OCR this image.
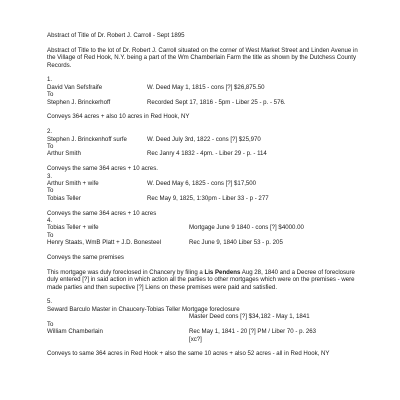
Abstract of Title of Dr. Robert J. Carroll - Sept 1895
Abstract of Title to the lot of Dr. Robert J. Carroll situated on the corner of West Market Street and Linden Avenue in the Village of Red Hook, N.Y. being a part of the Wm Chamberlain Farm the title as shown by the Dutchess County Records.
1.
David Van Sefsfraife	W. Deed May 1, 1815 - cons [?] $26,875.50
To
Stephen J. Brinckerhoff	Recorded Sept 17, 1816 - 5pm - Liber 25 - p. - 576.
Conveys 364 acres + also 10 acres in Red Hook, NY
2.
Stephen J. Brinckenhoff surfe	W. Deed July 3rd, 1822 - cons [?] $25,970
To
Arthur Smith	Rec Janry 4 1832 - 4pm. - Liber 29 - p. - 114
Conveys the same 364 acres + 10 acres.
3.
Arthur Smith + wife	W. Deed May 6, 1825 - cons [?] $17,500
To
Tobias Teller	Rec May 9, 1825, 1:30pm - Liber 33 - p - 277
Conveys the same 364 acres + 10 acres
4.
Tobias Teller + wife	Mortgage June 9 1840 - cons [?] $4000.00
To
Henry Staats, WmB Platt + J.D. Bonesteel	Rec June 9, 1840 Liber 53 - p. 205
Conveys the same premises
This mortgage was duly foreclosed in Chancery by filing a Lis Pendens Aug 28, 1840 and a Decree of foreclosure duly entered [?] in said action in which action all the parties to other mortgages which were on the premises - were made parties and then supective [?] Liens on these premises were paid and satisfied.
5.
Seward Barculo Master in Chaucery-Tobias Teller Mortgage foreclosure
Master Deed cons [?] $34,182 - May 1, 1841
To
William Chamberlain	Rec May 1, 1841 - 20 [?] PM / Liber 70 - p. 263
[xc?]
Conveys to same 364 acres in Red Hook + also the same 10 acres + also 52 acres - all in Red Hook, NY
